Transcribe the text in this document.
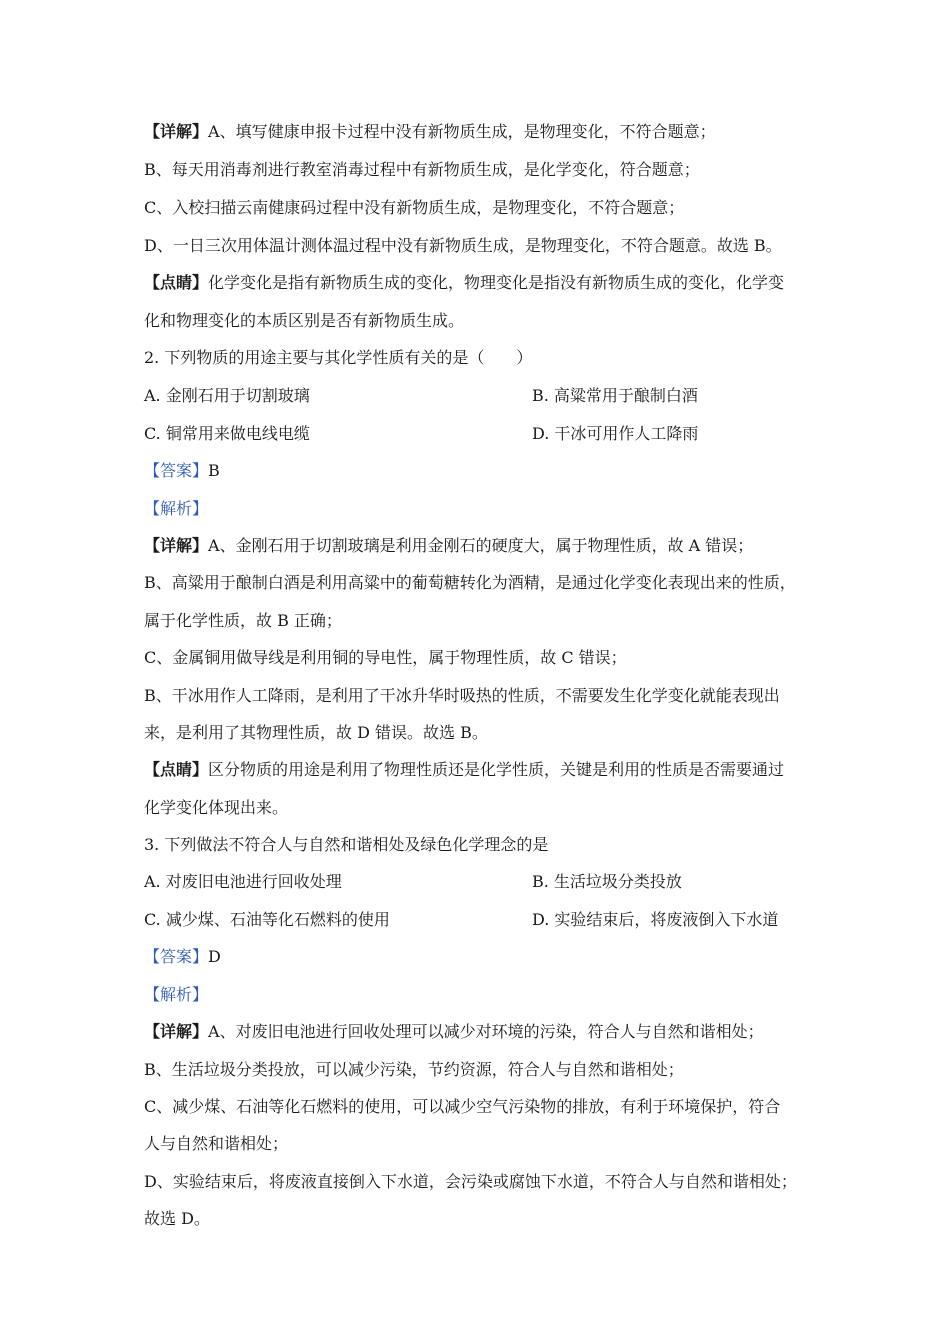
【详解】A、填写健康申报卡过程中没有新物质生成，是物理变化，不符合题意；
B、每天用消毒剂进行教室消毒过程中有新物质生成，是化学变化，符合题意；
C、入校扫描云南健康码过程中没有新物质生成，是物理变化，不符合题意；
D、一日三次用体温计测体温过程中没有新物质生成，是物理变化，不符合题意。故选 B。
【点睛】化学变化是指有新物质生成的变化，物理变化是指没有新物质生成的变化，化学变
化和物理变化的本质区别是否有新物质生成。
2. 下列物质的用途主要与其化学性质有关的是（　　）
A. 金刚石用于切割玻璃	B. 高粱常用于酿制白酒
C. 铜常用来做电线电缆	D. 干冰可用作人工降雨
【答案】B
【解析】
【详解】A、金刚石用于切割玻璃是利用金刚石的硬度大，属于物理性质，故 A 错误；
B、高粱用于酿制白酒是利用高粱中的葡萄糖转化为酒精，是通过化学变化表现出来的性质，
属于化学性质，故 B 正确；
C、金属铜用做导线是利用铜的导电性，属于物理性质，故 C 错误；
B、干冰用作人工降雨，是利用了干冰升华时吸热的性质，不需要发生化学变化就能表现出
来，是利用了其物理性质，故 D 错误。故选 B。
【点睛】区分物质的用途是利用了物理性质还是化学性质，关键是利用的性质是否需要通过
化学变化体现出来。
3. 下列做法不符合人与自然和谐相处及绿色化学理念的是
A. 对废旧电池进行回收处理	B. 生活垃圾分类投放
C. 减少煤、石油等化石燃料的使用	D. 实验结束后，将废液倒入下水道
【答案】D
【解析】
【详解】A、对废旧电池进行回收处理可以减少对环境的污染，符合人与自然和谐相处；
B、生活垃圾分类投放，可以减少污染，节约资源，符合人与自然和谐相处；
C、减少煤、石油等化石燃料的使用，可以减少空气污染物的排放，有利于环境保护，符合
人与自然和谐相处；
D、实验结束后，将废液直接倒入下水道，会污染或腐蚀下水道，不符合人与自然和谐相处；
故选 D。
